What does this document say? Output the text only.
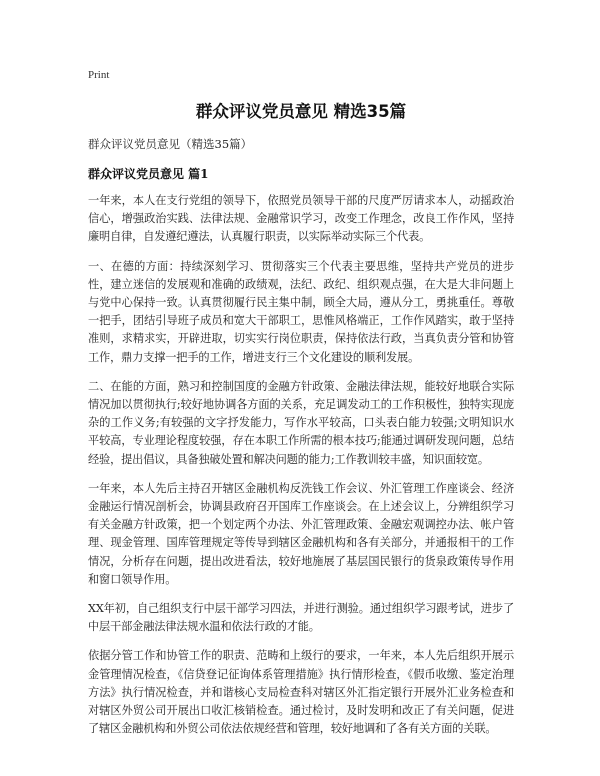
Print
群众评议党员意见 精选35篇
群众评议党员意见（精选35篇）
群众评议党员意见 篇1

一年来，本人在支行党组的领导下，依照党员领导干部的尺度严厉请求本人，动摇政治信心，增强政治实践、法律法规、金融常识学习，改变工作理念，改良工作作风，坚持廉明自律，自发遵纪遵法，认真履行职责，以实际举动实际三个代表。

一、在德的方面：持续深刻学习、贯彻落实三个代表主要思维，坚持共产党员的进步性，建立迷信的发展观和准确的政绩观，法纪、政纪、组织观点强，在大是大非问题上与党中心保持一致。认真贯彻履行民主集中制，顾全大局，遵从分工，勇挑重任。尊敬一把手，团结引导班子成员和宽大干部职工，思惟风格端正，工作作风踏实，敢于坚持准则，求精求实，开辟进取，切实实行岗位职责，保持依法行政，当真负责分管和协管工作，鼎力支撑一把手的工作，增进支行三个文化建设的顺利发展。

二、在能的方面，熟习和控制国度的金融方针政策、金融法律法规，能较好地联合实际情况加以贯彻执行;较好地协调各方面的关系，充足调发动工的工作积极性，独特实现庞杂的工作义务;有较强的文字抒发能力，写作水平较高，口头表白能力较强;文明知识水平较高，专业理论程度较强，存在本职工作所需的根本技巧;能通过调研发现问题，总结经验，提出倡议，具备独破处置和解决问题的能力;工作教训较丰盛，知识面较宽。

一年来，本人先后主持召开辖区金融机构反洗钱工作会议、外汇管理工作座谈会、经济金融运行情况剖析会，协调县政府召开国库工作座谈会。在上述会议上，分辨组织学习有关金融方针政策，把一个划定两个办法、外汇管理政策、金融宏观调控办法、帐户管理、现金管理、国库管理规定等传导到辖区金融机构和各有关部分，并通报相干的工作情况，分析存在问题，提出改进看法，较好地施展了基层国民银行的货泉政策传导作用和窗口领导作用。

XX年初，自己组织支行中层干部学习四法，并进行测验。通过组织学习跟考试，进步了中层干部金融法律法规水温和依法行政的才能。

依据分管工作和协管工作的职责、范畴和上级行的要求，一年来，本人先后组织开展示金管理情况检查，《信贷登记征询体系管理措施》执行情形检查，《假币收缴、鉴定治理方法》执行情况检查，并和谐核心支局检查科对辖区外汇指定银行开展外汇业务检查和对辖区外贸公司开展出口收汇核销检查。通过检讨，及时发明和改正了有关问题，促进了辖区金融机构和外贸公司依法依规经营和管理，较好地调和了各有关方面的关联。
